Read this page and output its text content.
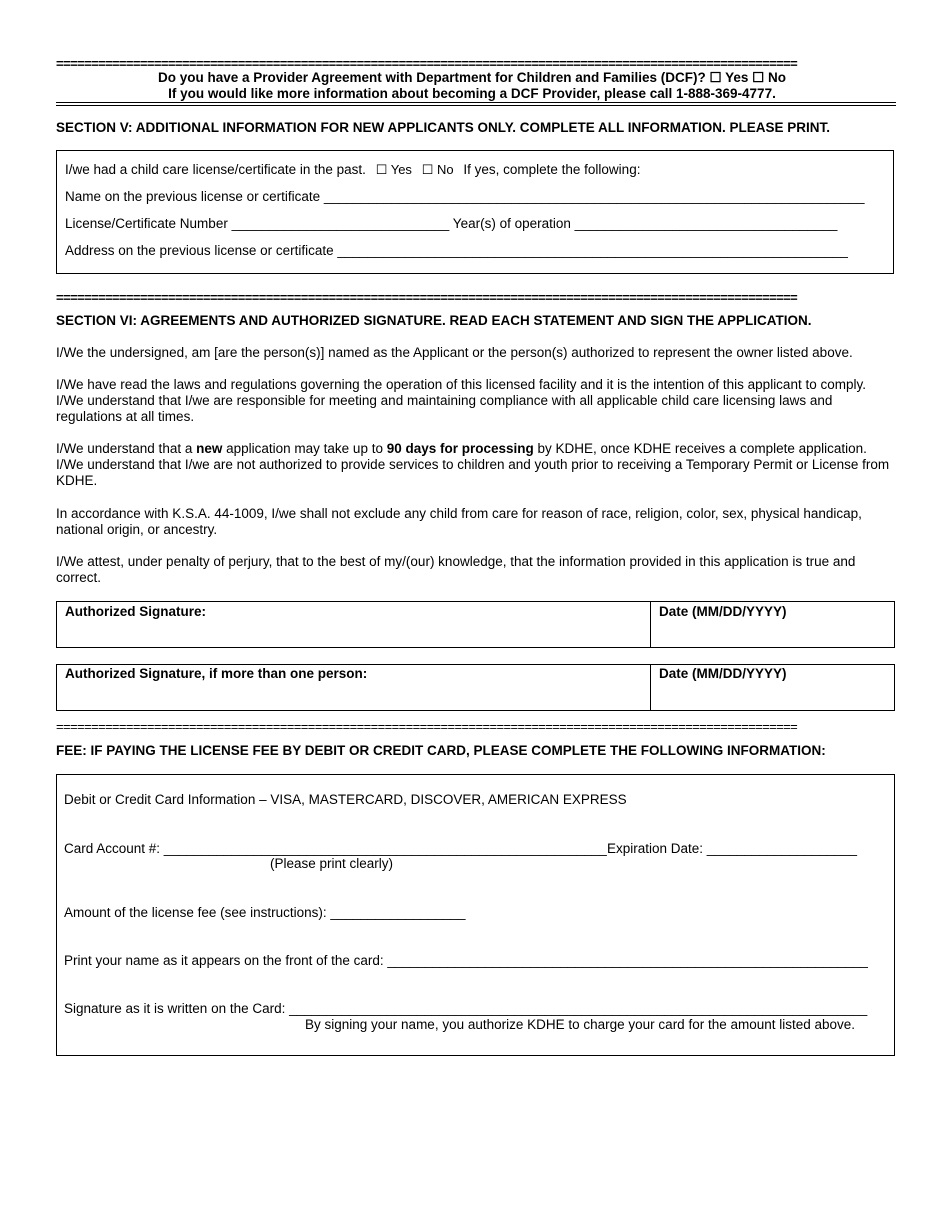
==========================================================================================================
Do you have a Provider Agreement with Department for Children and Families (DCF)? ☐ Yes ☐ No
If you would like more information about becoming a DCF Provider, please call 1-888-369-4777.
SECTION V: ADDITIONAL INFORMATION FOR NEW APPLICANTS ONLY. COMPLETE ALL INFORMATION. PLEASE PRINT.
I/we had a child care license/certificate in the past. ☐ Yes ☐ No If yes, complete the following:
Name on the previous license or certificate ________________________________________________________________________
License/Certificate Number _____________________________ Year(s) of operation ___________________________________
Address on the previous license or certificate ____________________________________________________________________
==========================================================================================================
SECTION VI: AGREEMENTS AND AUTHORIZED SIGNATURE. READ EACH STATEMENT AND SIGN THE APPLICATION.
I/We the undersigned, am [are the person(s)] named as the Applicant or the person(s) authorized to represent the owner listed above.
I/We have read the laws and regulations governing the operation of this licensed facility and it is the intention of this applicant to comply. I/We understand that I/we are responsible for meeting and maintaining compliance with all applicable child care licensing laws and regulations at all times.
I/We understand that a new application may take up to 90 days for processing by KDHE, once KDHE receives a complete application. I/We understand that I/we are not authorized to provide services to children and youth prior to receiving a Temporary Permit or License from KDHE.
In accordance with K.S.A. 44-1009, I/we shall not exclude any child from care for reason of race, religion, color, sex, physical handicap, national origin, or ancestry.
I/We attest, under penalty of perjury, that to the best of my/(our) knowledge, that the information provided in this application is true and correct.
Authorized Signature:	Date (MM/DD/YYYY)
Authorized Signature, if more than one person:	Date (MM/DD/YYYY)
==========================================================================================================
FEE: IF PAYING THE LICENSE FEE BY DEBIT OR CREDIT CARD, PLEASE COMPLETE THE FOLLOWING INFORMATION:
Debit or Credit Card Information – VISA, MASTERCARD, DISCOVER, AMERICAN EXPRESS
Card Account #: ___________________________________________________________ Expiration Date: ____________________
(Please print clearly)
Amount of the license fee (see instructions): __________________
Print your name as it appears on the front of the card: ________________________________________________________________
Signature as it is written on the Card: _____________________________________________________________________________
By signing your name, you authorize KDHE to charge your card for the amount listed above.
